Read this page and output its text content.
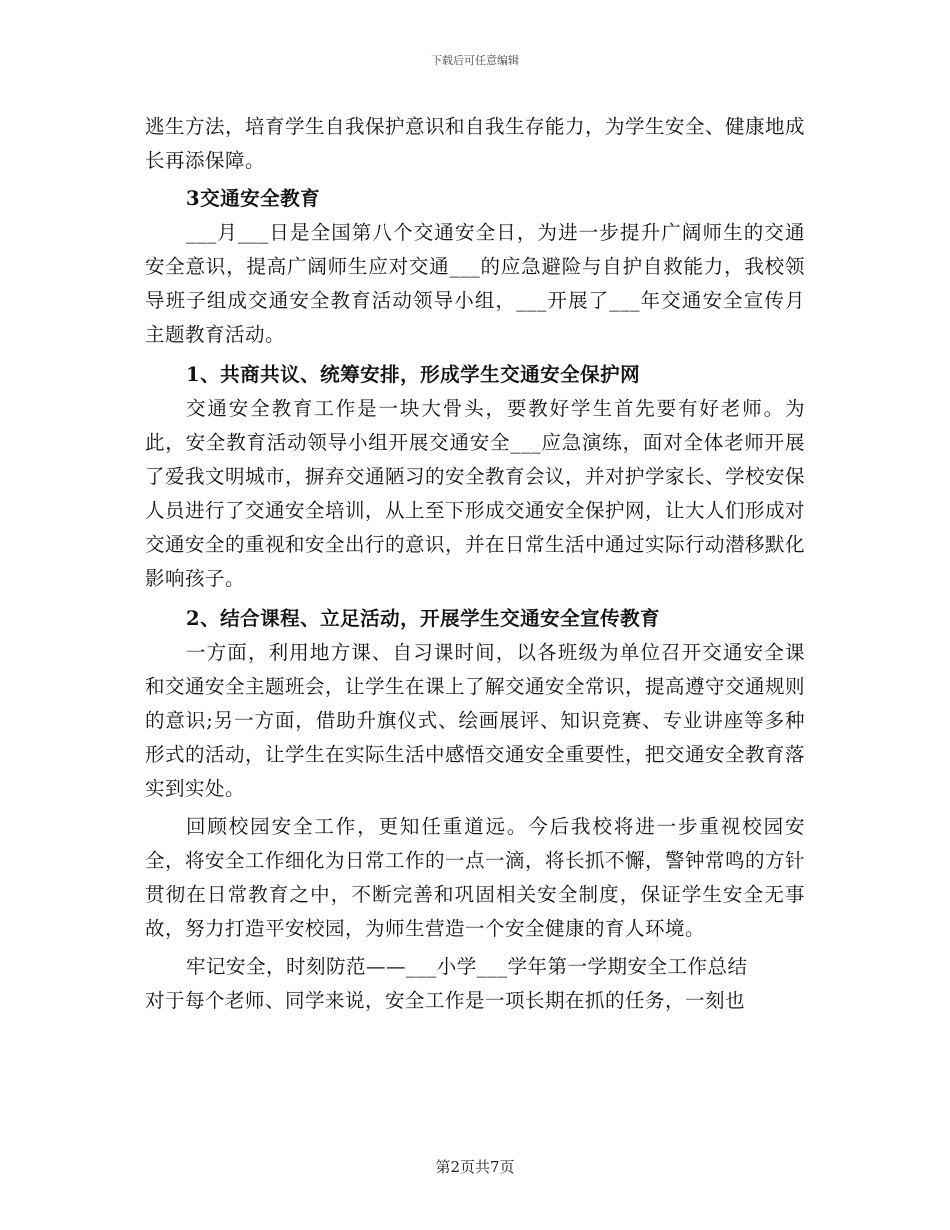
下载后可任意编辑

逃生方法，培育学生自我保护意识和自我生存能力，为学生安全、健康地成长再添保障。

3交通安全教育

___月___日是全国第八个交通安全日，为进一步提升广阔师生的交通安全意识，提高广阔师生应对交通___的应急避险与自护自救能力，我校领导班子组成交通安全教育活动领导小组，___开展了___年交通安全宣传月主题教育活动。

1、共商共议、统筹安排，形成学生交通安全保护网

交通安全教育工作是一块大骨头，要教好学生首先要有好老师。为此，安全教育活动领导小组开展交通安全___应急演练，面对全体老师开展了爱我文明城市，摒弃交通陋习的安全教育会议，并对护学家长、学校安保人员进行了交通安全培训，从上至下形成交通安全保护网，让大人们形成对交通安全的重视和安全出行的意识，并在日常生活中通过实际行动潜移默化影响孩子。

2、结合课程、立足活动，开展学生交通安全宣传教育

一方面，利用地方课、自习课时间，以各班级为单位召开交通安全课和交通安全主题班会，让学生在课上了解交通安全常识，提高遵守交通规则的意识;另一方面，借助升旗仪式、绘画展评、知识竞赛、专业讲座等多种形式的活动，让学生在实际生活中感悟交通安全重要性，把交通安全教育落实到实处。

回顾校园安全工作，更知任重道远。今后我校将进一步重视校园安全，将安全工作细化为日常工作的一点一滴，将长抓不懈，警钟常鸣的方针贯彻在日常教育之中，不断完善和巩固相关安全制度，保证学生安全无事故，努力打造平安校园，为师生营造一个安全健康的育人环境。

牢记安全，时刻防范——___小学___学年第一学期安全工作总结

对于每个老师、同学来说，安全工作是一项长期在抓的任务，一刻也

第2页共7页
